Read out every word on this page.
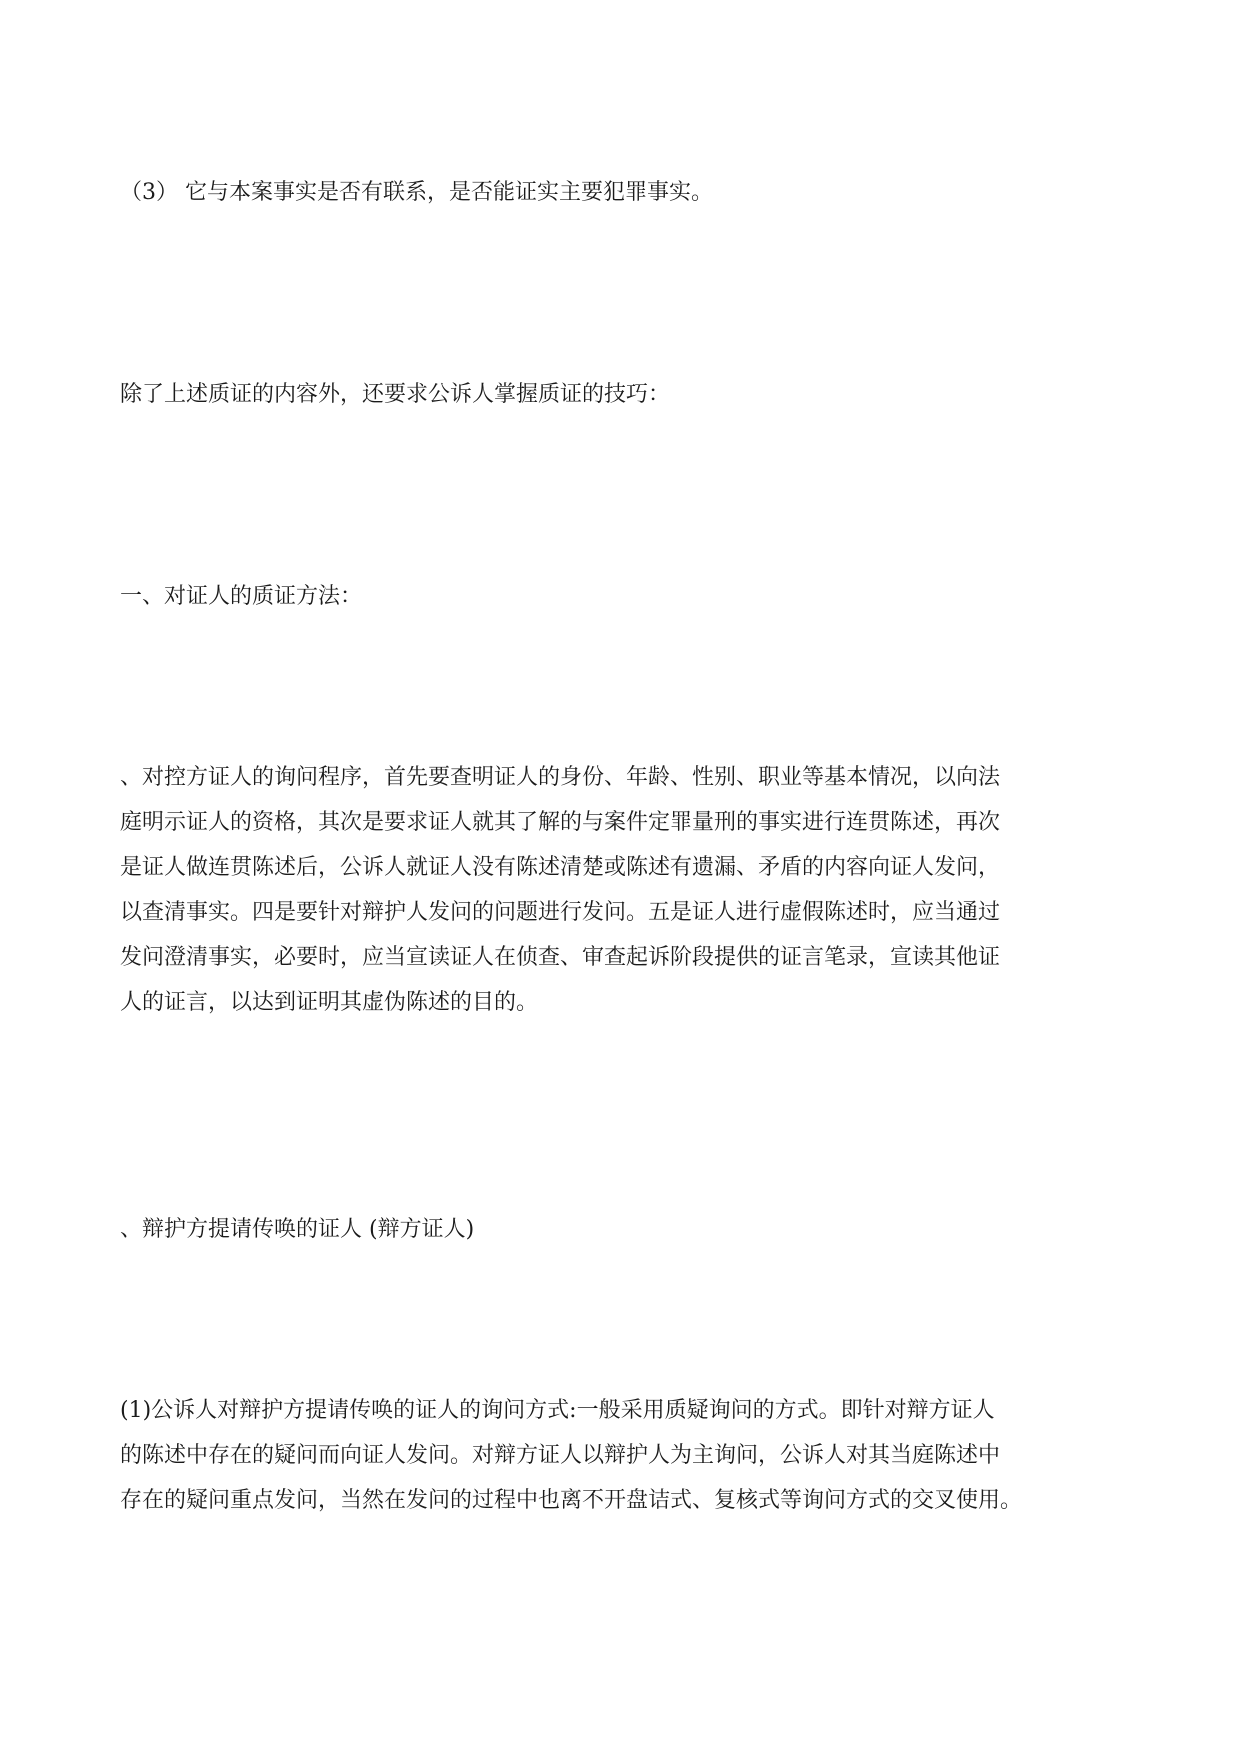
（3） 它与本案事实是否有联系，是否能证实主要犯罪事实。

除了上述质证的内容外，还要求公诉人掌握质证的技巧：

一、对证人的质证方法：

、对控方证人的询问程序，首先要查明证人的身份、年龄、性别、职业等基本情况，以向法
庭明示证人的资格，其次是要求证人就其了解的与案件定罪量刑的事实进行连贯陈述，再次
是证人做连贯陈述后，公诉人就证人没有陈述清楚或陈述有遗漏、矛盾的内容向证人发问，
以查清事实。四是要针对辩护人发问的问题进行发问。五是证人进行虚假陈述时，应当通过
发问澄清事实，必要时，应当宣读证人在侦查、审查起诉阶段提供的证言笔录，宣读其他证
人的证言，以达到证明其虚伪陈述的目的。

、辩护方提请传唤的证人 (辩方证人)

(1)公诉人对辩护方提请传唤的证人的询问方式:一般采用质疑询问的方式。即针对辩方证人
的陈述中存在的疑问而向证人发问。对辩方证人以辩护人为主询问，公诉人对其当庭陈述中
存在的疑问重点发问，当然在发问的过程中也离不开盘诘式、复核式等询问方式的交叉使用。
